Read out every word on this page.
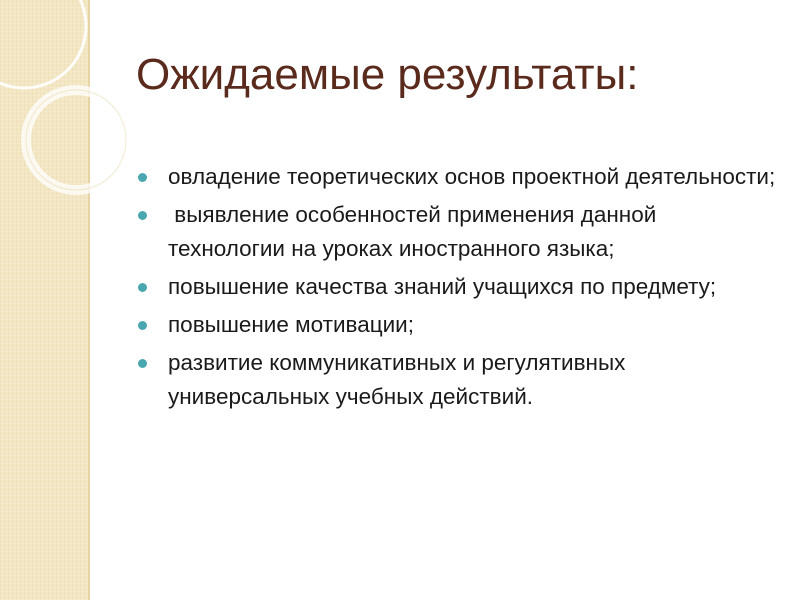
Ожидаемые результаты:
овладение теоретических основ проектной деятельности;
выявление особенностей применения данной технологии на уроках иностранного языка;
повышение качества знаний учащихся по предмету;
повышение мотивации;
развитие коммуникативных и регулятивных универсальных учебных действий.
